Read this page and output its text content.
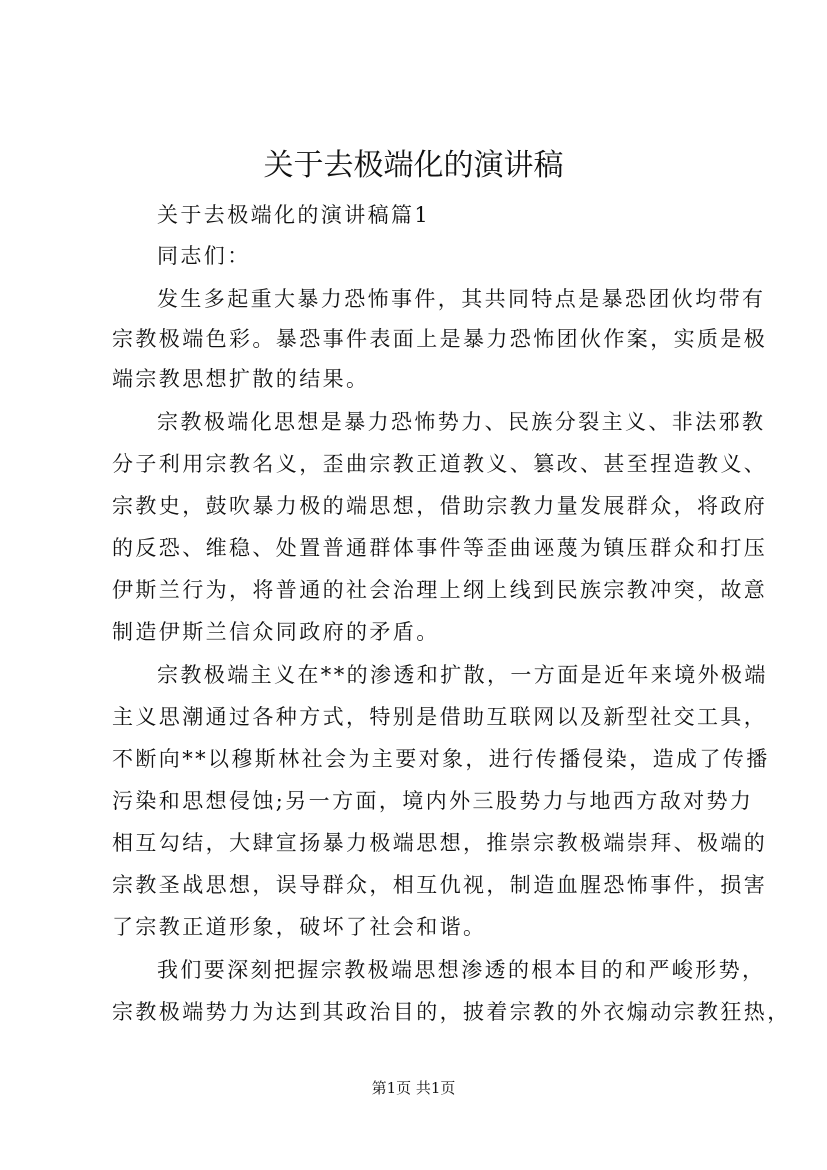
关于去极端化的演讲稿

关于去极端化的演讲稿篇1

同志们：

发生多起重大暴力恐怖事件，其共同特点是暴恐团伙均带有

宗教极端色彩。暴恐事件表面上是暴力恐怖团伙作案，实质是极

端宗教思想扩散的结果。

宗教极端化思想是暴力恐怖势力、民族分裂主义、非法邪教

分子利用宗教名义，歪曲宗教正道教义、篡改、甚至捏造教义、

宗教史，鼓吹暴力极的端思想，借助宗教力量发展群众，将政府

的反恐、维稳、处置普通群体事件等歪曲诬蔑为镇压群众和打压

伊斯兰行为，将普通的社会治理上纲上线到民族宗教冲突，故意

制造伊斯兰信众同政府的矛盾。

宗教极端主义在**的渗透和扩散，一方面是近年来境外极端

主义思潮通过各种方式，特别是借助互联网以及新型社交工具，

不断向**以穆斯林社会为主要对象，进行传播侵染，造成了传播

污染和思想侵蚀;另一方面，境内外三股势力与地西方敌对势力

相互勾结，大肆宣扬暴力极端思想，推崇宗教极端崇拜、极端的

宗教圣战思想，误导群众，相互仇视，制造血腥恐怖事件，损害

了宗教正道形象，破坏了社会和谐。

我们要深刻把握宗教极端思想渗透的根本目的和严峻形势，

宗教极端势力为达到其政治目的，披着宗教的外衣煽动宗教狂热，

第1页 共1页
